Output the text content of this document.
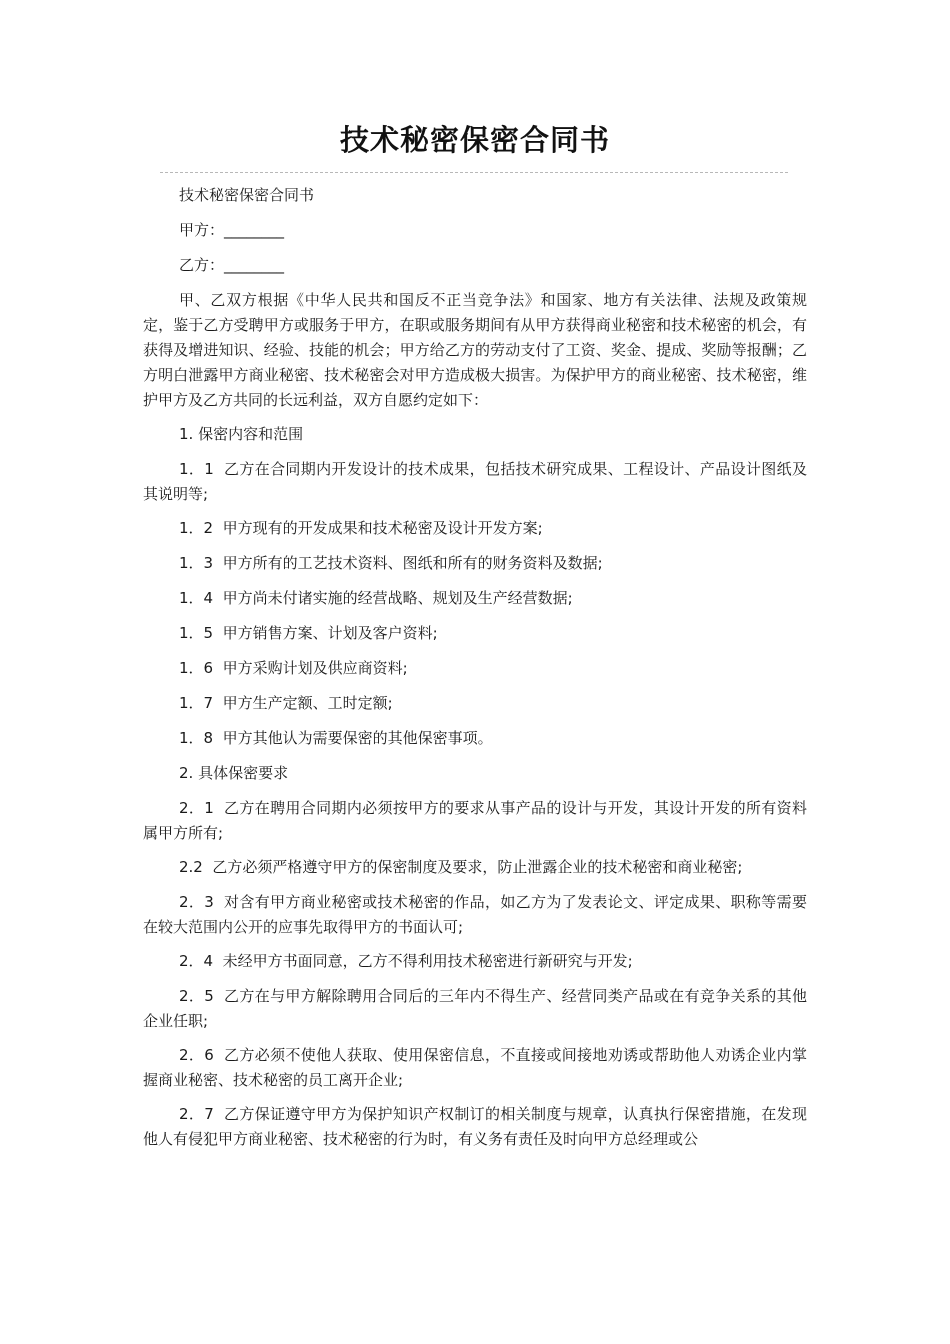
技术秘密保密合同书

技术秘密保密合同书

甲方：________

乙方：________

甲、乙双方根据《中华人民共和国反不正当竞争法》和国家、地方有关法律、法规及政策规定，鉴于乙方受聘甲方或服务于甲方，在职或服务期间有从甲方获得商业秘密和技术秘密的机会，有获得及增进知识、经验、技能的机会；甲方给乙方的劳动支付了工资、奖金、提成、奖励等报酬；乙方明白泄露甲方商业秘密、技术秘密会对甲方造成极大损害。为保护甲方的商业秘密、技术秘密，维护甲方及乙方共同的长远利益，双方自愿约定如下：

1. 保密内容和范围

1．1  乙方在合同期内开发设计的技术成果，包括技术研究成果、工程设计、产品设计图纸及其说明等;

1．2  甲方现有的开发成果和技术秘密及设计开发方案;

1．3  甲方所有的工艺技术资料、图纸和所有的财务资料及数据;

1．4  甲方尚未付诸实施的经营战略、规划及生产经营数据;

1．5  甲方销售方案、计划及客户资料;

1．6  甲方采购计划及供应商资料;

1．7  甲方生产定额、工时定额;

1．8  甲方其他认为需要保密的其他保密事项。

2. 具体保密要求

2．1  乙方在聘用合同期内必须按甲方的要求从事产品的设计与开发，其设计开发的所有资料属甲方所有;

2.2  乙方必须严格遵守甲方的保密制度及要求，防止泄露企业的技术秘密和商业秘密;

2．3  对含有甲方商业秘密或技术秘密的作品，如乙方为了发表论文、评定成果、职称等需要在较大范围内公开的应事先取得甲方的书面认可;

2．4  未经甲方书面同意，乙方不得利用技术秘密进行新研究与开发;

2．5  乙方在与甲方解除聘用合同后的三年内不得生产、经营同类产品或在有竞争关系的其他企业任职;

2．6  乙方必须不使他人获取、使用保密信息，不直接或间接地劝诱或帮助他人劝诱企业内掌握商业秘密、技术秘密的员工离开企业;

2．7  乙方保证遵守甲方为保护知识产权制订的相关制度与规章，认真执行保密措施，在发现他人有侵犯甲方商业秘密、技术秘密的行为时，有义务有责任及时向甲方总经理或公
